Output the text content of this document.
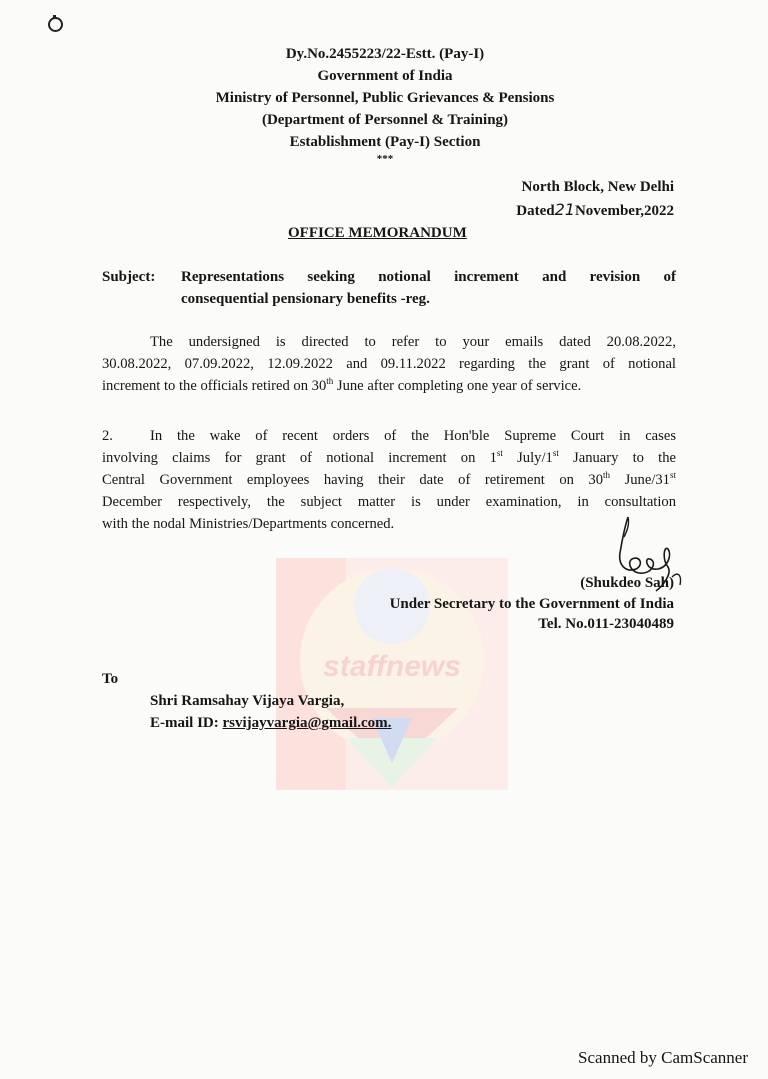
staffnews
Dy.No.2455223/22-Estt. (Pay-I)
Government of India
Ministry of Personnel, Public Grievances & Pensions
(Department of Personnel & Training)
Establishment (Pay-I) Section
***
North Block, New Delhi
Dated21November,2022
OFFICE MEMORANDUM
Subject: Representations seeking notional increment and revision of
consequential pensionary benefits -reg.
The undersigned is directed to refer to your emails dated 20.08.2022,
30.08.2022, 07.09.2022, 12.09.2022 and 09.11.2022 regarding the grant of notional
increment to the officials retired on 30th June after completing one year of service.
2.	In the wake of recent orders of the Hon'ble Supreme Court in cases
involving claims for grant of notional increment on 1st July/1st January to the
Central Government employees having their date of retirement on 30th June/31st
December respectively, the subject matter is under examination, in consultation
with the nodal Ministries/Departments concerned.
(Shukdeo Sah)
Under Secretary to the Government of India
Tel. No.011-23040489
To
Shri Ramsahay Vijaya Vargia,
E-mail ID: rsvijayvargia@gmail.com.
Scanned by CamScanner
